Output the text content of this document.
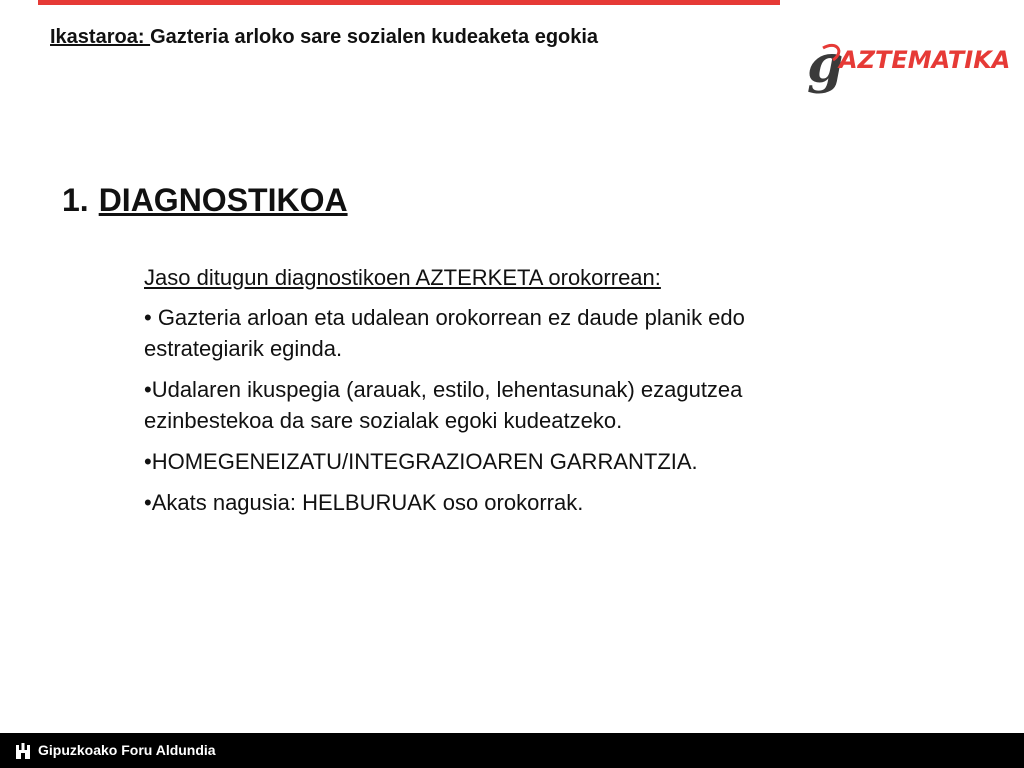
Ikastaroa: Gazteria arloko sare sozialen kudeaketa egokia	g
AZTEMATIKA
1. DIAGNOSTIKOA

Jaso ditugun diagnostikoen AZTERKETA orokorrean:

• Gazteria arloan eta udalean orokorrean ez daude planik edo estrategiarik eginda.

•Udalaren ikuspegia (arauak, estilo, lehentasunak) ezagutzea ezinbestekoa da sare sozialak egoki kudeatzeko.

•HOMEGENEIZATU/INTEGRAZIOAREN GARRANTZIA.

•Akats nagusia: HELBURUAK oso orokorrak.

Gipuzkoako Foru Aldundia
